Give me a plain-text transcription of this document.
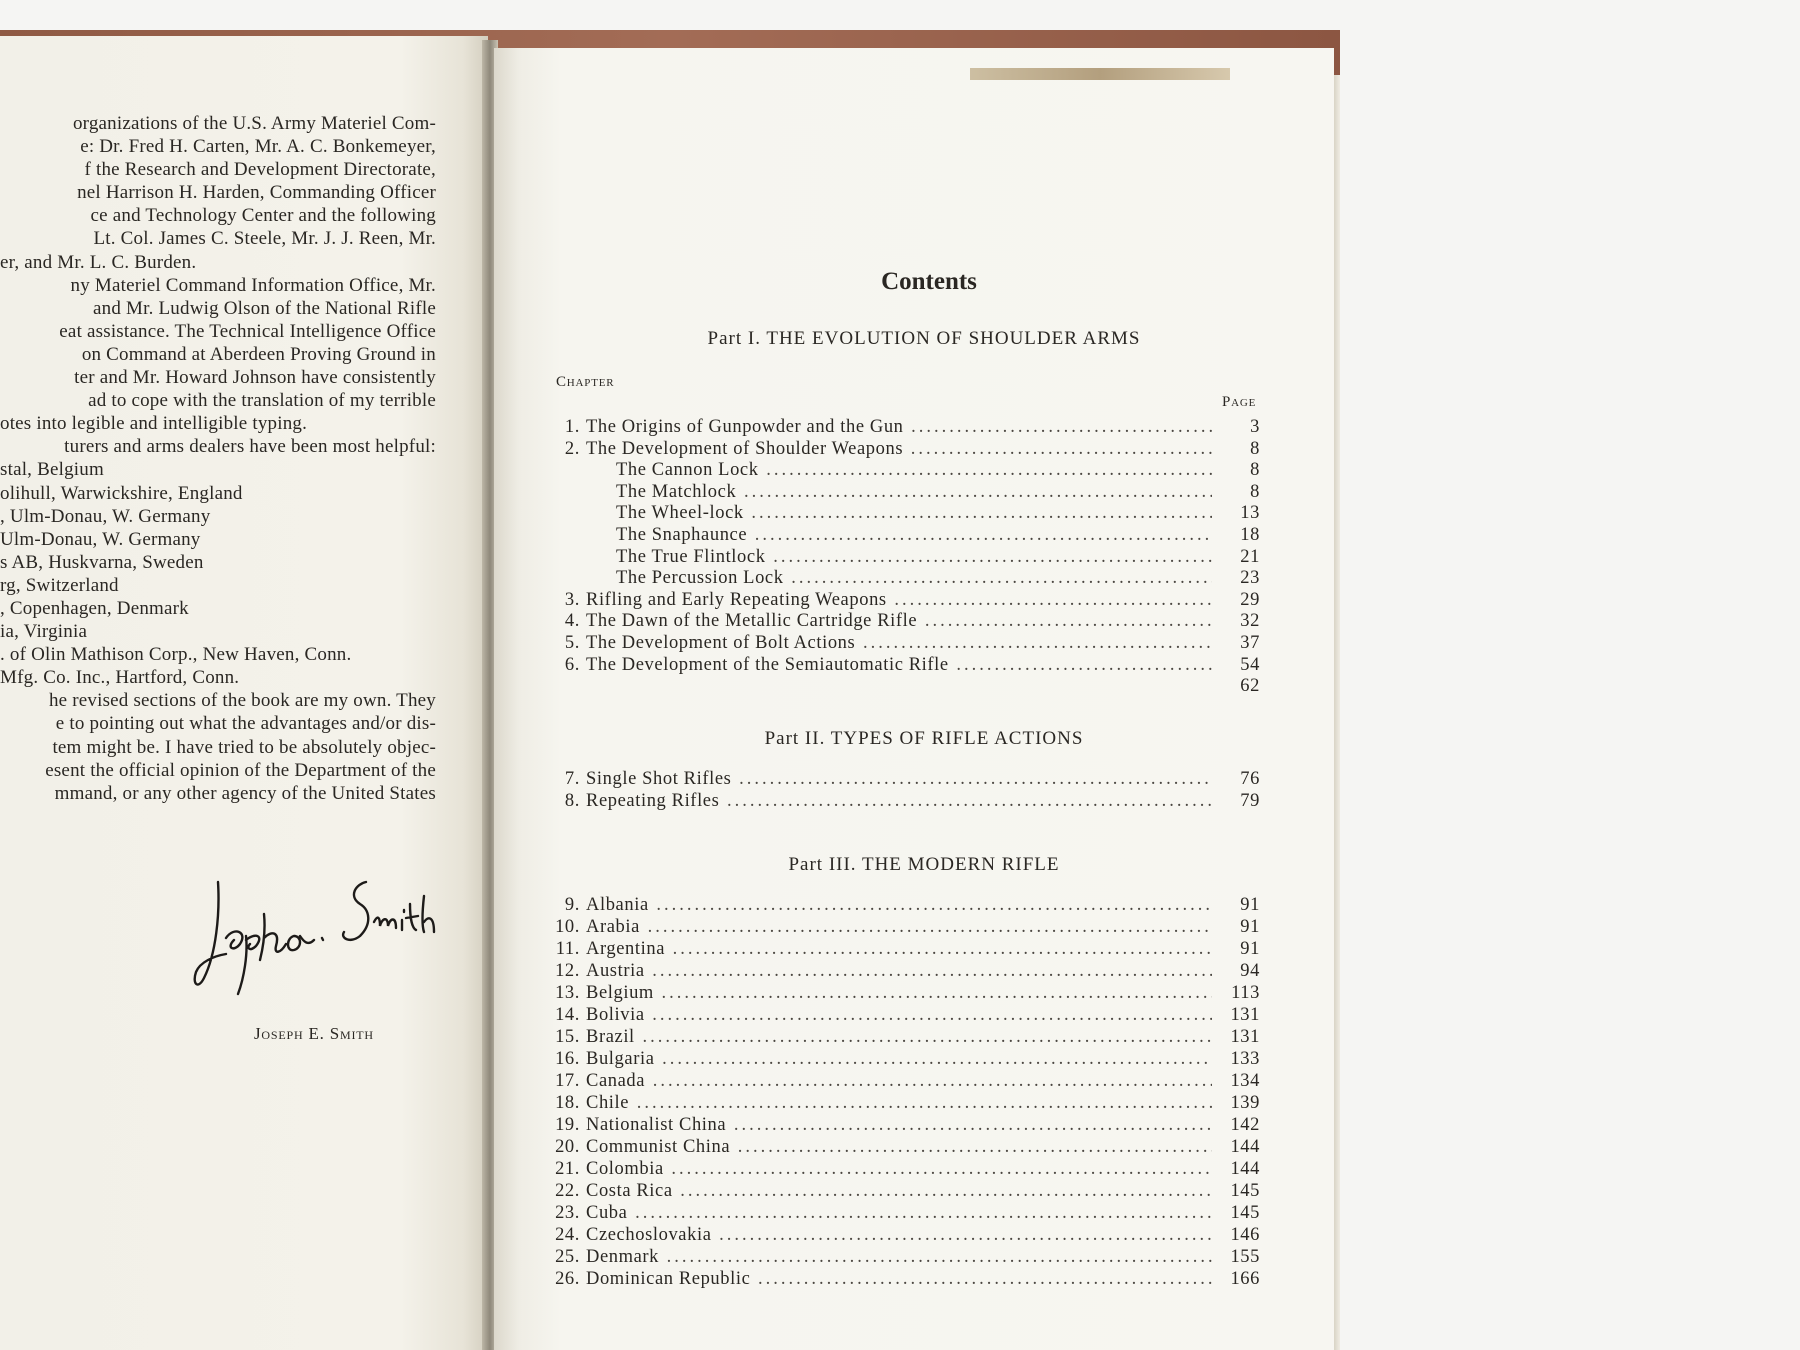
organizations of the U.S. Army Materiel Com-
e: Dr. Fred H. Carten, Mr. A. C. Bonkemeyer,
f the Research and Development Directorate,
nel Harrison H. Harden, Commanding Officer
ce and Technology Center and the following
Lt. Col. James C. Steele, Mr. J. J. Reen, Mr.
er, and Mr. L. C. Burden.
ny Materiel Command Information Office, Mr.
and Mr. Ludwig Olson of the National Rifle
eat assistance. The Technical Intelligence Office
on Command at Aberdeen Proving Ground in
ter and Mr. Howard Johnson have consistently
ad to cope with the translation of my terrible
otes into legible and intelligible typing.
turers and arms dealers have been most helpful:
stal, Belgium
olihull, Warwickshire, England
, Ulm-Donau, W. Germany
Ulm-Donau, W. Germany
s AB, Huskvarna, Sweden
rg, Switzerland
, Copenhagen, Denmark
ia, Virginia
. of Olin Mathison Corp., New Haven, Conn.
Mfg. Co. Inc., Hartford, Conn.
he revised sections of the book are my own. They
e to pointing out what the advantages and/or dis-
tem might be. I have tried to be absolutely objec-
esent the official opinion of the Department of the
mmand, or any other agency of the United States
Joseph E. Smith
Contents
Chapter
Page
Part I. THE EVOLUTION OF SHOULDER ARMS
1. The Origins of Gunpowder and the Gun .....	3
2. The Development of Shoulder Weapons .....	8
The Cannon Lock .....	8
The Matchlock .....	8
The Wheel-lock .....	13
The Snaphaunce .....	18
The True Flintlock .....	21
The Percussion Lock .....	23
3. Rifling and Early Repeating Weapons .....	29
4. The Dawn of the Metallic Cartridge Rifle .....	32
5. The Development of Bolt Actions .....	37
6. The Development of the Semiautomatic Rifle .....	54
62
Part II. TYPES OF RIFLE ACTIONS
7. Single Shot Rifles .....	76
8. Repeating Rifles .....	79
Part III. THE MODERN RIFLE
9. Albania .....	91
10. Arabia .....	91
11. Argentina .....	91
12. Austria .....	94
13. Belgium .....	113
14. Bolivia .....	131
15. Brazil .....	131
16. Bulgaria .....	133
17. Canada .....	134
18. Chile .....	139
19. Nationalist China .....	142
20. Communist China .....	144
21. Colombia .....	144
22. Costa Rica .....	145
23. Cuba .....	145
24. Czechoslovakia .....	146
25. Denmark .....	155
26. Dominican Republic .....	166
